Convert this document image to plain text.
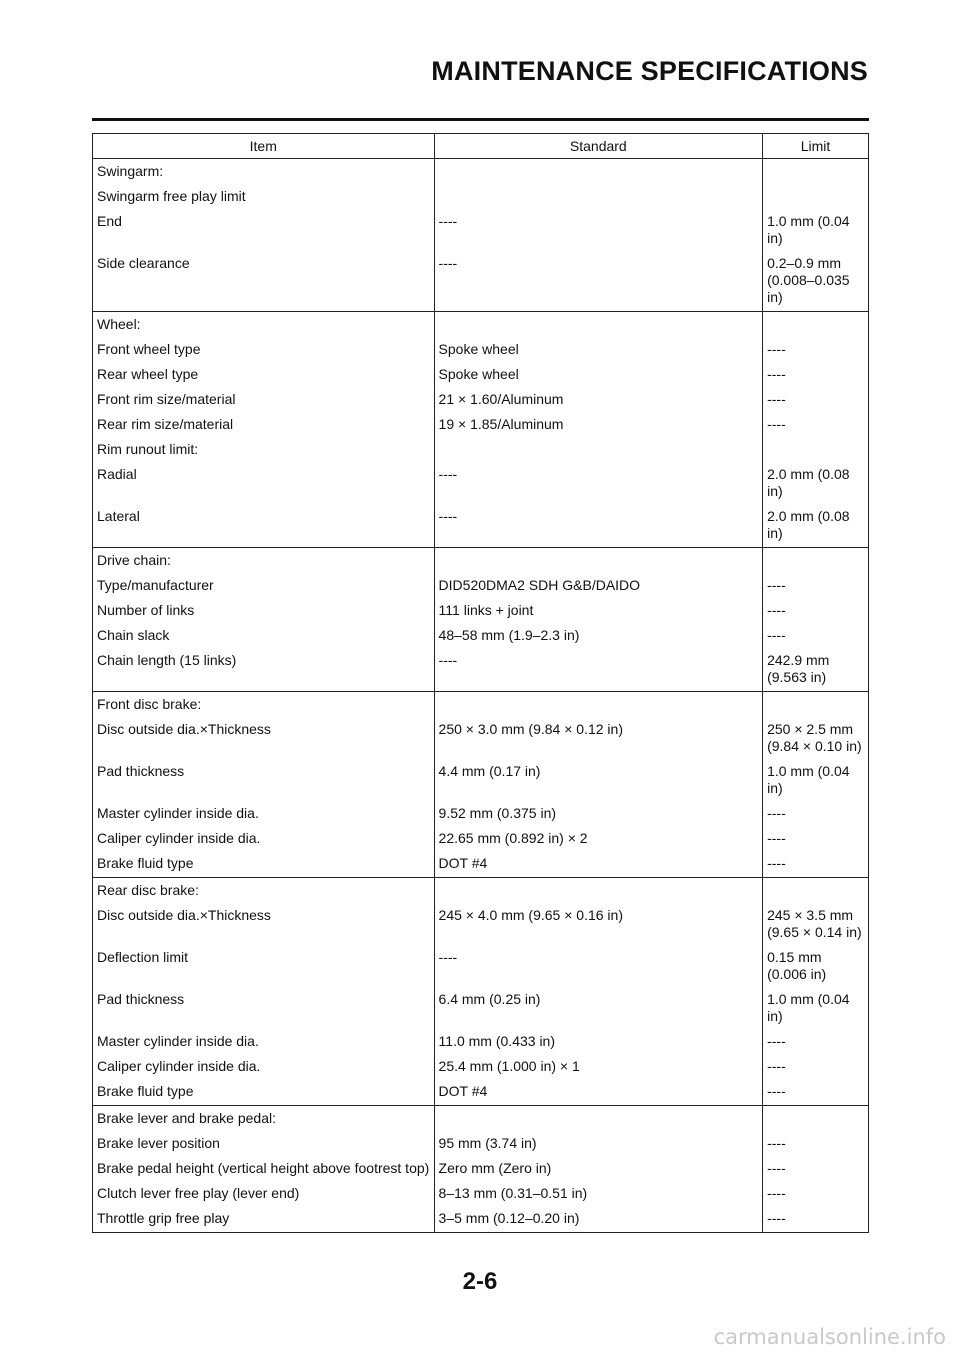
MAINTENANCE SPECIFICATIONS
Item	Standard	Limit
Swingarm:		
Swingarm free play limit		
End	----	1.0 mm (0.04 in)
Side clearance	----	0.2–0.9 mm (0.008–0.035 in)
Wheel:		
Front wheel type	Spoke wheel	----
Rear wheel type	Spoke wheel	----
Front rim size/material	21 × 1.60/Aluminum	----
Rear rim size/material	19 × 1.85/Aluminum	----
Rim runout limit:		
Radial	----	2.0 mm (0.08 in)
Lateral	----	2.0 mm (0.08 in)
Drive chain:		
Type/manufacturer	DID520DMA2 SDH G&B/DAIDO	----
Number of links	111 links + joint	----
Chain slack	48–58 mm (1.9–2.3 in)	----
Chain length (15 links)	----	242.9 mm (9.563 in)
Front disc brake:		
Disc outside dia.×Thickness	250 × 3.0 mm (9.84 × 0.12 in)	250 × 2.5 mm (9.84 × 0.10 in)
Pad thickness	4.4 mm (0.17 in)	1.0 mm (0.04 in)
Master cylinder inside dia.	9.52 mm (0.375 in)	----
Caliper cylinder inside dia.	22.65 mm (0.892 in) × 2	----
Brake fluid type	DOT #4	----
Rear disc brake:		
Disc outside dia.×Thickness	245 × 4.0 mm (9.65 × 0.16 in)	245 × 3.5 mm (9.65 × 0.14 in)
Deflection limit	----	0.15 mm (0.006 in)
Pad thickness	6.4 mm (0.25 in)	1.0 mm (0.04 in)
Master cylinder inside dia.	11.0 mm (0.433 in)	----
Caliper cylinder inside dia.	25.4 mm (1.000 in) × 1	----
Brake fluid type	DOT #4	----
Brake lever and brake pedal:		
Brake lever position	95 mm (3.74 in)	----
Brake pedal height (vertical height above footrest top)	Zero mm (Zero in)	----
Clutch lever free play (lever end)	8–13 mm (0.31–0.51 in)	----
Throttle grip free play	3–5 mm (0.12–0.20 in)	----
2-6
carmanualsonline.info
